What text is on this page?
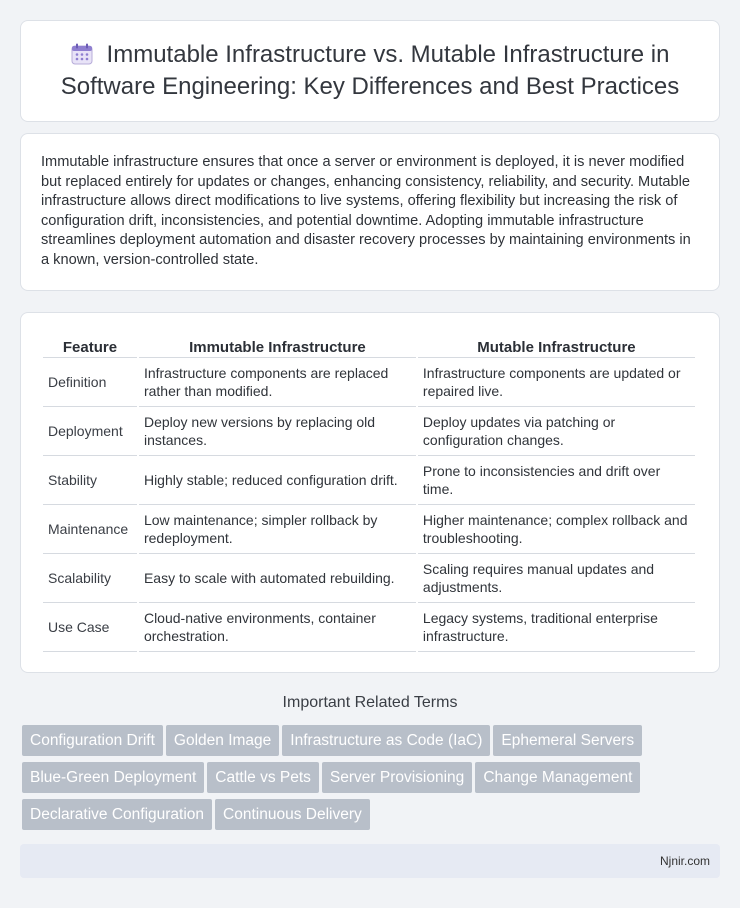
Immutable Infrastructure vs. Mutable Infrastructure in Software Engineering: Key Differences and Best Practices

Immutable infrastructure ensures that once a server or environment is deployed, it is never modified but replaced entirely for updates or changes, enhancing consistency, reliability, and security. Mutable infrastructure allows direct modifications to live systems, offering flexibility but increasing the risk of configuration drift, inconsistencies, and potential downtime. Adopting immutable infrastructure streamlines deployment automation and disaster recovery processes by maintaining environments in a known, version-controlled state.

Feature	Immutable Infrastructure	Mutable Infrastructure
Definition	Infrastructure components are replaced rather than modified.	Infrastructure components are updated or repaired live.
Deployment	Deploy new versions by replacing old instances.	Deploy updates via patching or configuration changes.
Stability	Highly stable; reduced configuration drift.	Prone to inconsistencies and drift over time.
Maintenance	Low maintenance; simpler rollback by redeployment.	Higher maintenance; complex rollback and troubleshooting.
Scalability	Easy to scale with automated rebuilding.	Scaling requires manual updates and adjustments.
Use Case	Cloud-native environments, container orchestration.	Legacy systems, traditional enterprise infrastructure.
Important Related Terms
Configuration Drift Golden Image Infrastructure as Code (IaC) Ephemeral Servers
Blue-Green Deployment Cattle vs Pets Server Provisioning Change Management
Declarative Configuration Continuous Delivery
Njnir.com
